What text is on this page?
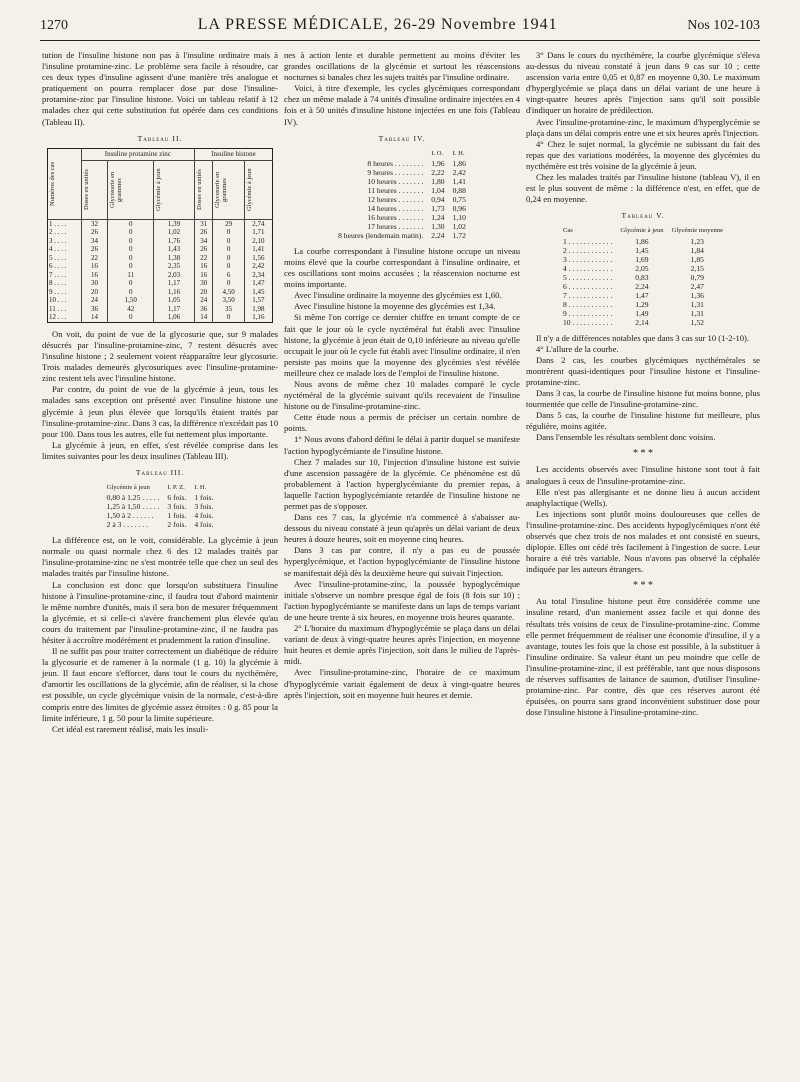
1270	LA PRESSE MÉDICALE, 26-29 Novembre 1941	Nos 102-103

tution de l'insuline histone non pas à l'insuline ordinaire mais à l'insuline protamine-zinc. Le problème sera facile à résoudre, car ces deux types d'insuline agissent d'une manière très analogue et pratiquement on pourra remplacer dose par dose l'insuline-protamine-zinc par l'insuline histone. Voici un tableau relatif à 12 malades chez qui cette substitution fut opérée dans ces conditions (Tableau II).

Tableau II.
Numéros des cas	Insuline protamine zinc			Insuline histone		

	Doses en unités	Glycosurie en grammes	Glycémie à jeun	Doses en unités	Glycosurie en grammes	Glycémie à jeun

1 . . . .	32	0	1,39	31	29	2,74
2 . . . .	26	0	1,02	26	0	1,71
3 . . . .	34	0	1,76	34	0	2,10
4 . . . .	26	0	1,43	26	0	1,41
5 . . . .	22	0	1,38	22	0	1,56
6 . . . .	16	0	2,35	16	0	2,42
7 . . . .	16	11	2,03	16	6	2,34
8 . . . .	30	0	1,17	30	0	1,47
9 . . . .	20	0	1,16	20	4,50	1,45
10 . . .	24	1,50	1,05	24	3,50	1,57
11 . . .	36	42	1,17	36	35	1,98
12 . . .	14	0	1,06	14	0	1,16

On voit, du point de vue de la glycosurie que, sur 9 malades désucrés par l'insuline-protamine-zinc, 7 restent désucrés avec l'insuline histone ; 2 seulement voient réapparaître leur glycosurie. Trois malades demeurés glycosuriques avec l'insuline-protamine-zinc restent tels avec l'insuline histone.

Par contre, du point de vue de la glycémie à jeun, tous les malades sans exception ont présenté avec l'insuline histone une glycémie à jeun plus élevée que lorsqu'ils étaient traités par l'insuline-protamine-zinc. Dans 3 cas, la différence n'excédait pas 10 pour 100. Dans tous les autres, elle fut nettement plus importante.

La glycémie à jeun, en effet, s'est révélée comprise dans les limites suivantes pour les deux insulines (Tableau III).

Tableau III.
Glycémie à jeun	I. P. Z.	I. H.
0,80 à 1,25 . . . . .	6 fois.	1 fois.
1,25 à 1,50 . . . . .	3 fois.	3 fois.
1,50 à 2 . . . . . .	1 fois.	4 fois.
2 à 3 . . . . . . .	2 fois.	4 fois.

La différence est, on le voit, considérable. La glycémie à jeun normale ou quasi normale chez 6 des 12 malades traités par l'insuline-protamine-zinc ne s'est montrée telle que chez un seul des malades traités par l'insuline histone.

La conclusion est donc que lorsqu'on substituera l'insuline histone à l'insuline-protamine-zinc, il faudra tout d'abord maintenir le même nombre d'unités, mais il sera bon de mesurer fréquemment la glycémie, et si celle-ci s'avère franchement plus élevée qu'au cours du traitement par l'insuline-protamine-zinc, il ne faudra pas hésiter à accroître modérément et prudemment la ration d'insuline.

Il ne suffit pas pour traiter correctement un diabétique de réduire la glycosurie et de ramener à la normale (1 g. 10) la glycémie à jeun. Il faut encore s'efforcer, dans tout le cours du nycthémère, d'amortir les oscillations de la glycémie, afin de réaliser, si la chose est possible, un cycle glycémique voisin de la normale, c'est-à-dire compris entre des limites de glycémie assez étroites : 0 g. 85 pour la limite inférieure, 1 g. 50 pour la limite supérieure.

Cet idéal est rarement réalisé, mais les insuli-

nes à action lente et durable permettent au moins d'éviter les grandes oscillations de la glycémie et surtout les réascensions nocturnes si banales chez les sujets traités par l'insuline ordinaire.

Voici, à titre d'exemple, les cycles glycémiques correspondant chez un même malade à 74 unités d'insuline ordinaire injectées en 4 fois et à 50 unités d'insuline histone injectées en une fois (Tableau IV).

Tableau IV.
	I. O.	I. H.
8 heures . . . . . . . .	1,96	1,86
9 heures . . . . . . . .	2,22	2,42
10 heures . . . . . . .	1,80	1,41
11 heures . . . . . . .	1,04	0,88
12 heures . . . . . . .	0,94	0,75
14 heures . . . . . . .	1,73	0,96
16 heures . . . . . . .	1,24	1,10
17 heures . . . . . . .	1,30	1,02
8 heures (lendemain matin).	2,24	1,72

La courbe correspondant à l'insuline histone occupe un niveau moins élevé que la courbe correspondant à l'insuline ordinaire, et ces oscillations sont moins accusées ; la réascension nocturne est moins importante.

Avec l'insuline ordinaire la moyenne des glycémies est 1,60.

Avec l'insuline histone la moyenne des glycémies est 1,34.

Si même l'on corrige ce dernier chiffre en tenant compte de ce fait que le jour où le cycle nyctéméral fut établi avec l'insuline histone, la glycémie à jeun était de 0,10 inférieure au niveau qu'elle occupait le jour où le cycle fut établi avec l'insuline ordinaire, il n'en persiste pas moins que la moyenne des glycémies s'est révélée meilleure chez ce malade lors de l'emploi de l'insuline histone.

Nous avons de même chez 10 malades comparé le cycle nyctéméral de la glycémie suivant qu'ils recevaient de l'insuline histone ou de l'insuline-protamine-zinc.

Cette étude nous a permis de préciser un certain nombre de points.

1° Nous avons d'abord défini le délai à partir duquel se manifeste l'action hypoglycémiante de l'insuline histone.

Chez 7 malades sur 10, l'injection d'insuline histone est suivie d'une ascension passagère de la glycémie. Ce phénomène est dû probablement à l'action hyperglycémiante du premier repas, à laquelle l'action hypoglycémiante retardée de l'insuline histone ne permet pas de s'opposer.

Dans ces 7 cas, la glycémie n'a commencé à s'abaisser au-dessous du niveau constaté à jeun qu'après un délai variant de deux heures à douze heures, soit en moyenne cinq heures.

Dans 3 cas par contre, il n'y a pas eu de poussée hyperglycémique, et l'action hypoglycémiante de l'insuline histone se manifestait déjà dès la deuxième heure qui suivait l'injection.

Avec l'insuline-protamine-zinc, la poussée hypoglycémique initiale s'observe un nombre presque égal de fois (8 fois sur 10) ; l'action hypoglycémiante se manifeste dans un laps de temps variant de une heure trente à six heures, en moyenne trois heures quarante.

2° L'horaire du maximum d'hypoglycémie se plaça dans un délai variant de deux à vingt-quatre heures après l'injection, en moyenne huit heures et demie après l'injection, soit dans le milieu de l'après-midi.

Avec l'insuline-protamine-zinc, l'horaire de ce maximum d'hypoglycémie variait également de deux à vingt-quatre heures après l'injection, soit en moyenne huit heures et demie.

3° Dans le cours du nycthémère, la courbe glycémique s'éleva au-dessus du niveau constaté à jeun dans 9 cas sur 10 ; cette ascension varia entre 0,05 et 0,87 en moyenne 0,30. Le maximum d'hyperglycémie se plaça dans un délai variant de une heure à vingt-quatre heures après l'injection sans qu'il soit possible d'indiquer un horaire de prédilection.

Avec l'insuline-protamine-zinc, le maximum d'hyperglycémie se plaça dans un délai compris entre une et six heures après l'injection.

4° Chez le sujet normal, la glycémie ne subissant du fait des repas que des variations modérées, la moyenne des glycémies du nycthémère est très voisine de la glycémie à jeun.

Chez les malades traités par l'insuline histone (tableau V), il en est le plus souvent de même : la différence n'est, en effet, que de 0,24 en moyenne.

Tableau V.
Cas	Glycémie à jeun	Glycémie moyenne
1 . . . . . . . . . . . .	1,86	1,23
2 . . . . . . . . . . . .	1,45	1,84
3 . . . . . . . . . . . .	1,69	1,85
4 . . . . . . . . . . . .	2,05	2,15
5 . . . . . . . . . . . .	0,83	0,79
6 . . . . . . . . . . . .	2,24	2,47
7 . . . . . . . . . . . .	1,47	1,36
8 . . . . . . . . . . . .	1,29	1,31
9 . . . . . . . . . . . .	1,49	1,31
10 . . . . . . . . . . .	2,14	1,52

Il n'y a de différences notables que dans 3 cas sur 10 (1-2-10).

4° L'allure de la courbe.

Dans 2 cas, les courbes glycémiques nycthémérales se montrèrent quasi-identiques pour l'insuline histone et l'insuline-protamine-zinc.

Dans 3 cas, la courbe de l'insuline histone fut moins bonne, plus tourmentée que celle de l'insuline-protamine-zinc.

Dans 5 cas, la courbe de l'insuline histone fut meilleure, plus régulière, moins agitée.

Dans l'ensemble les résultats semblent donc voisins.

* * *

Les accidents observés avec l'insuline histone sont tout à fait analogues à ceux de l'insuline-protamine-zinc.

Elle n'est pas allergisante et ne donne lieu à aucun accident anaphylactique (Wells).

Les injections sont plutôt moins douloureuses que celles de l'insuline-protamine-zinc. Des accidents hypoglycémiques n'ont été observés que chez trois de nos malades et ont consisté en sueurs, diplopie. Elles ont cédé très facilement à l'ingestion de sucre. Leur horaire a été très variable. Nous n'avons pas observé la céphalée indiquée par les auteurs étrangers.

* * *

Au total l'insuline histone peut être considérée comme une insuline retard, d'un maniement assez facile et qui donne des résultats très voisins de ceux de l'insuline-protamine-zinc. Comme elle permet fréquemment de réaliser une économie d'insuline, il y a avantage, toutes les fois que la chose est possible, à la substituer à l'insuline ordinaire. Sa valeur étant un peu moindre que celle de l'insuline-protamine-zinc, il est préférable, tant que nous disposons de réserves suffisantes de laitance de saumon, d'utiliser l'insuline-protamine-zinc. Par contre, dès que ces réserves auront été épuisées, on pourra sans grand inconvénient substituer dose pour dose l'insuline histone à l'insuline-protamine-zinc.
